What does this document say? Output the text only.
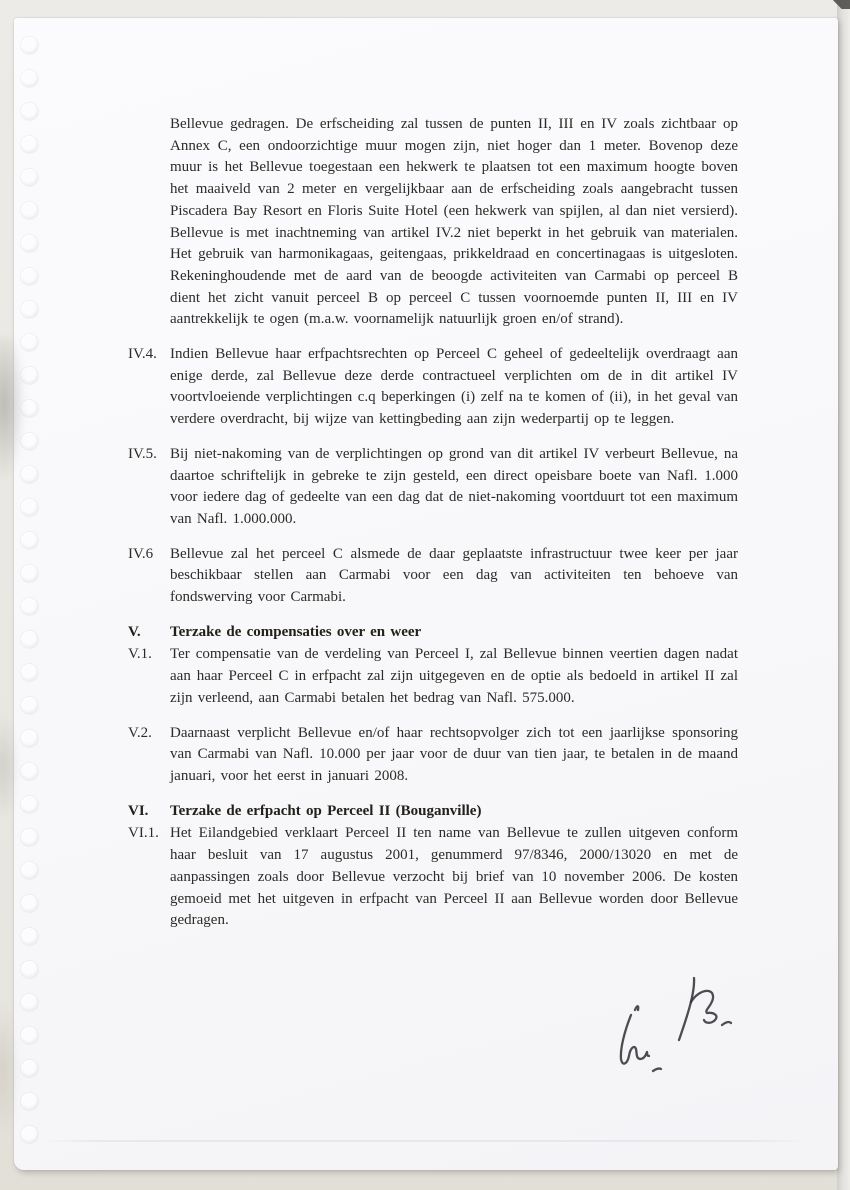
Bellevue gedragen. De erfscheiding zal tussen de punten II, III en IV zoals zichtbaar op Annex C, een ondoorzichtige muur mogen zijn, niet hoger dan 1 meter. Bovenop deze muur is het Bellevue toegestaan een hekwerk te plaatsen tot een maximum hoogte boven het maaiveld van 2 meter en vergelijkbaar aan de erfscheiding zoals aangebracht tussen Piscadera Bay Resort en Floris Suite Hotel (een hekwerk van spijlen, al dan niet versierd). Bellevue is met inachtneming van artikel IV.2 niet beperkt in het gebruik van materialen. Het gebruik van harmonikagaas, geitengaas, prikkeldraad en concertinagaas is uitgesloten. Rekeninghoudende met de aard van de beoogde activiteiten van Carmabi op perceel B dient het zicht vanuit perceel B op perceel C tussen voornoemde punten II, III en IV aantrekkelijk te ogen (m.a.w. voornamelijk natuurlijk groen en/of strand).
IV.4. Indien Bellevue haar erfpachtsrechten op Perceel C geheel of gedeeltelijk overdraagt aan enige derde, zal Bellevue deze derde contractueel verplichten om de in dit artikel IV voortvloeiende verplichtingen c.q beperkingen (i) zelf na te komen of (ii), in het geval van verdere overdracht, bij wijze van kettingbeding aan zijn wederpartij op te leggen.
IV.5. Bij niet-nakoming van de verplichtingen op grond van dit artikel IV verbeurt Bellevue, na daartoe schriftelijk in gebreke te zijn gesteld, een direct opeisbare boete van Nafl. 1.000 voor iedere dag of gedeelte van een dag dat de niet-nakoming voortduurt tot een maximum van Nafl. 1.000.000.
IV.6	Bellevue zal het perceel C alsmede de daar geplaatste infrastructuur twee keer per jaar beschikbaar stellen aan Carmabi voor een dag van activiteiten ten behoeve van fondswerving voor Carmabi.
V.	Terzake de compensaties over en weer
V.1.	Ter compensatie van de verdeling van Perceel I, zal Bellevue binnen veertien dagen nadat aan haar Perceel C in erfpacht zal zijn uitgegeven en de optie als bedoeld in artikel II zal zijn verleend, aan Carmabi betalen het bedrag van Nafl. 575.000.
V.2.	Daarnaast verplicht Bellevue en/of haar rechtsopvolger zich tot een jaarlijkse sponsoring van Carmabi van Nafl. 10.000 per jaar voor de duur van tien jaar, te betalen in de maand januari, voor het eerst in januari 2008.
VI.	Terzake de erfpacht op Perceel II (Bouganville)
VI.1. Het Eilandgebied verklaart Perceel II ten name van Bellevue te zullen uitgeven conform haar besluit van 17 augustus 2001, genummerd 97/8346, 2000/13020 en met de aanpassingen zoals door Bellevue verzocht bij brief van 10 november 2006. De kosten gemoeid met het uitgeven in erfpacht van Perceel II aan Bellevue worden door Bellevue gedragen.
